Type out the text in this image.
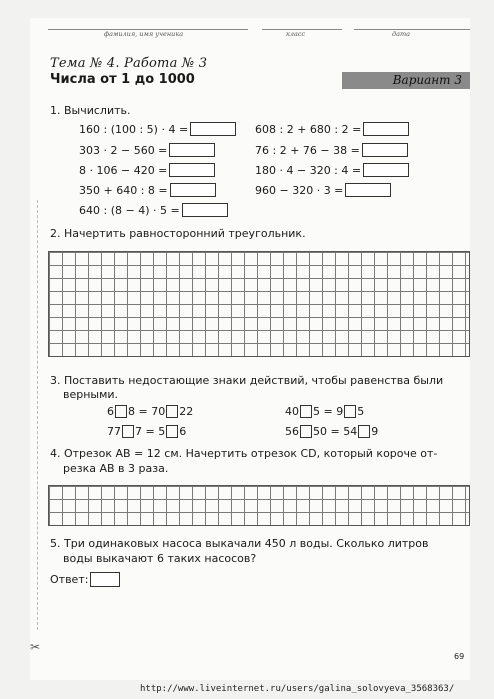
фамилия, имя ученика	класс	дата
Тема № 4. Работа № 3
Числа от 1 до 1000	Вариант 3
1. Вычислить.
160 : (100 : 5) · 4 =
303 · 2 − 560 =
8 · 106 − 420 =
350 + 640 : 8 =
640 : (8 − 4) · 5 =
608 : 2 + 680 : 2 =
76 : 2 + 76 − 38 =
180 · 4 − 320 : 4 =
960 − 320 · 3 =
2. Начертить равносторонний треугольник.
3. Поставить недостающие знаки действий, чтобы равенства были
верными.
6 8 = 70 22	40 5 = 9 5
77 7 = 5 6	56 50 = 54 9
4. Отрезок АВ = 12 см. Начертить отрезок CD, который короче от-
резка АВ в 3 раза.
5. Три одинаковых насоса выкачали 450 л воды. Сколько литров
воды выкачают 6 таких насосов?
Ответ:
✂
69
http://www.liveinternet.ru/users/galina_solovyeva_3568363/
